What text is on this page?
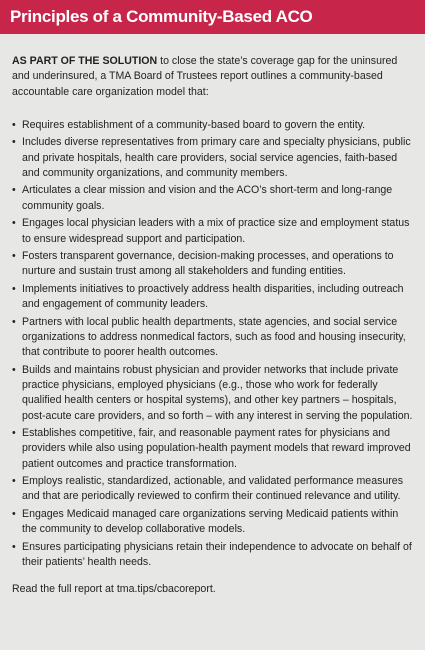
Principles of a Community-Based ACO

AS PART OF THE SOLUTION to close the state’s coverage gap for the uninsured and underinsured, a TMA Board of Trustees report outlines a community-based accountable care organization model that:

• Requires establishment of a community-based board to govern the entity.
• Includes diverse representatives from primary care and specialty physicians, public and private hospitals, health care providers, social service agencies, faith-based and community organizations, and community members.
• Articulates a clear mission and vision and the ACO’s short-term and long-range community goals.
• Engages local physician leaders with a mix of practice size and employment status to ensure widespread support and participation.
• Fosters transparent governance, decision-making processes, and operations to nurture and sustain trust among all stakeholders and funding entities.
• Implements initiatives to proactively address health disparities, including outreach and engagement of community leaders.
• Partners with local public health departments, state agencies, and social service organizations to address nonmedical factors, such as food and housing insecurity, that contribute to poorer health outcomes.
• Builds and maintains robust physician and provider networks that include private practice physicians, employed physicians (e.g., those who work for federally qualified health centers or hospital systems), and other key partners – hospitals, post-acute care providers, and so forth – with any interest in serving the population.
• Establishes competitive, fair, and reasonable payment rates for physicians and providers while also using population-health payment models that reward improved patient outcomes and practice transformation.
• Employs realistic, standardized, actionable, and validated performance measures and that are periodically reviewed to confirm their continued relevance and utility.
• Engages Medicaid managed care organizations serving Medicaid patients within the community to develop collaborative models.
• Ensures participating physicians retain their independence to advocate on behalf of their patients’ health needs.

Read the full report at tma.tips/cbacoreport.
